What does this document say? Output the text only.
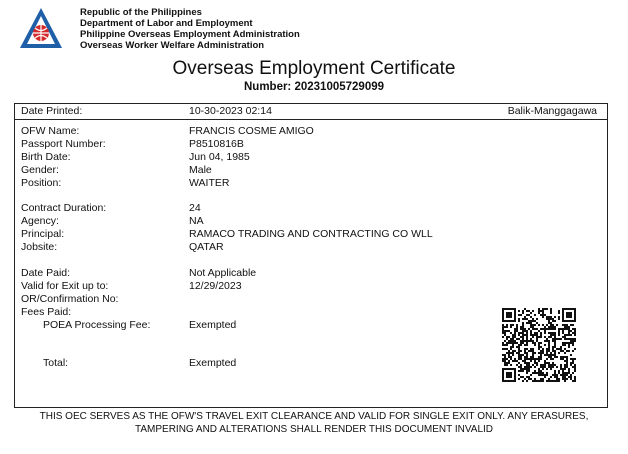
Republic of the Philippines
Department of Labor and Employment
Philippine Overseas Employment Administration
Overseas Worker Welfare Administration
Overseas Employment Certificate
Number: 20231005729099
Date Printed:	10-30-2023 02:14	Balik-Manggagawa
OFW Name:	FRANCIS COSME AMIGO
Passport Number:	P8510816B
Birth Date:	Jun 04, 1985
Gender:	Male
Position:	WAITER
Contract Duration:	24
Agency:	NA
Principal:	RAMACO TRADING AND CONTRACTING CO WLL
Jobsite:	QATAR
Date Paid:	Not Applicable
Valid for Exit up to:	12/29/2023
OR/Confirmation No:
Fees Paid:
POEA Processing Fee:	Exempted
Total:	Exempted
THIS OEC SERVES AS THE OFW'S TRAVEL EXIT CLEARANCE AND VALID FOR SINGLE EXIT ONLY. ANY ERASURES,
TAMPERING AND ALTERATIONS SHALL RENDER THIS DOCUMENT INVALID
